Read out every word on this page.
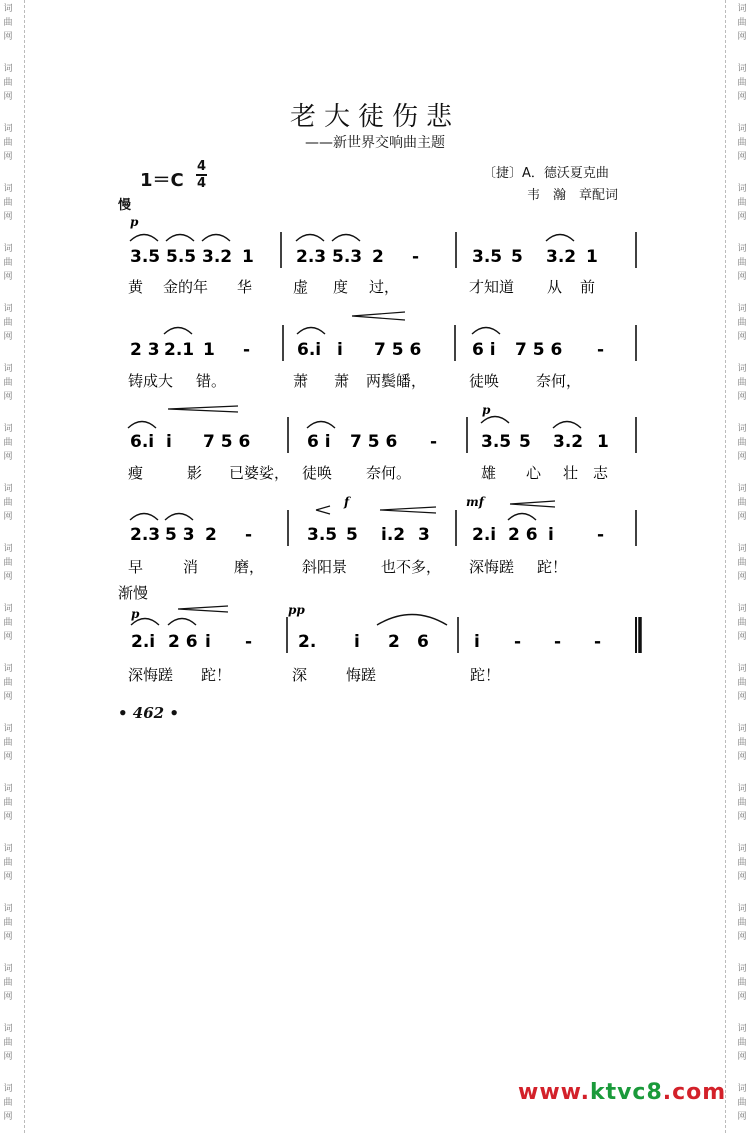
词
曲
网
词
曲
网
词
曲
网
词
曲
网
词
曲
网
词
曲
网
词
曲
网
词
曲
网
词
曲
网
词
曲
网
词
曲
网
词
曲
网
词
曲
网
词
曲
网
词
曲
网
词
曲
网
词
曲
网
词
曲
网
词
曲
网
词
曲
网
词
曲
网
词
曲
网
词
曲
网
词
曲
网
词
曲
网
词
曲
网
词
曲
网
词
曲
网
词
曲
网
词
曲
网
词
曲
网
词
曲
网
词
曲
网
词
曲
网
词
曲
网
词
曲
网
词
曲
网
词
曲
网
老大徒伤悲
——新世界交响曲主题
1＝C
4
4
慢
〔捷〕A．德沃夏克曲
韦　瀚　章配词
3.5 5.5 3.2 1 2.3 5.3 2 -	3.5 5 3.2 1
2 3 2.1 1 -	6.i i 7 5 6	6 i 7 5 6 -
6.i i 7 5 6	6 i 7 5 6 -	3.5 5 3.2 1
2.3 5 3 2 -	3.5 5 i.2 3 2.i 2 6 i	-
2.i 2 6 i -	2. i 2 6	i - - -
黄 金的年 华	虚 度 过，	才知道 从 前
铸成大 错。	萧 萧 两鬓皤，	徒唤 奈何，
瘦	影 已婆娑， 徒唤 奈何。	雄 心 壮 志
早	消 磨，	斜阳景 也不多， 深悔蹉 跎！
深悔蹉 跎！	深	悔蹉	跎！
p
p
f	mf
p	pp
渐慢
• 462 •
www.ktvc8.com
